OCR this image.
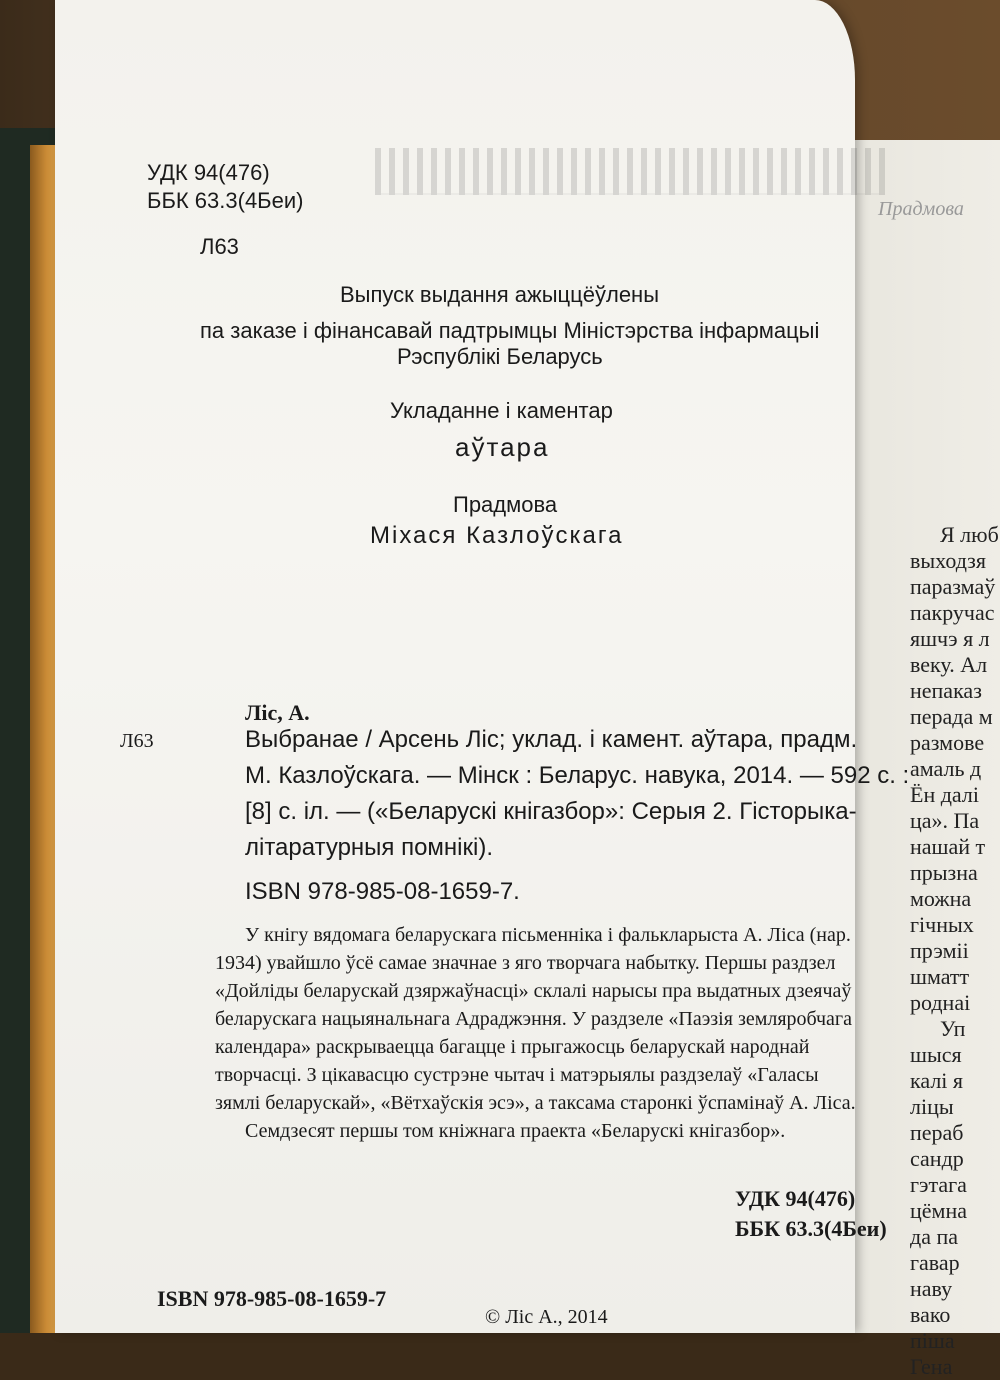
Прадмова
Я люб
выходзя
паразмаў
пакручас
яшчэ я л
веку. Ал
непаказ
перада м
размове
амаль д
Ён далі
ца». Па
нашай т
прызна
можна
гічных
прэміі
шматт
роднаі
Уп
шыся
калі я
ліцы
пераб
сандр
гэтага
цёмна
да па
гавар
наву
вако
пішa
Гена
УДК 94(476)
ББК 63.3(4Беи)
Л63
Выпуск выдання ажыццёўлены
па заказе і фінансавай падтрымцы Міністэрства інфармацыі
Рэспублікі Беларусь
Укладанне і каментар
аўтара
Прадмова
Міхася Казлоўскага
Ліс, А.
Л63	Выбранае / Арсень Ліс; уклад. і камент. аўтара, прадм.
М. Казлоўскага. — Мінск : Беларус. навука, 2014. — 592 с. :
[8] с. іл. — («Беларускі кнігазбор»: Серыя 2. Гісторыка-
літаратурныя помнікі).
ISBN 978-985-08-1659-7.
У кнігу вядомага беларускага пісьменніка і фалькларыста А. Ліса (нар.
1934) увайшло ўсё самае значнае з яго творчага набытку. Першы раздзел
«Дойліды беларускай дзяржаўнасці» склалі нарысы пра выдатных дзеячаў
беларускага нацыянальнага Адраджэння. У раздзеле «Паэзія земляробчага
календара» раскрываецца багацце і прыгажосць беларускай народнай
творчасці. З цікавасцю сустрэне чытач і матэрыялы раздзелаў «Галасы
зямлі беларускай», «Вётхаўскія эсэ», а таксама старонкі ўспамінаў А. Ліса.
Семдзесят першы том кніжнага праекта «Беларускі кнігазбор».
УДК 94(476)
ББК 63.3(4Беи)
ISBN 978-985-08-1659-7
© Ліс А., 2014
